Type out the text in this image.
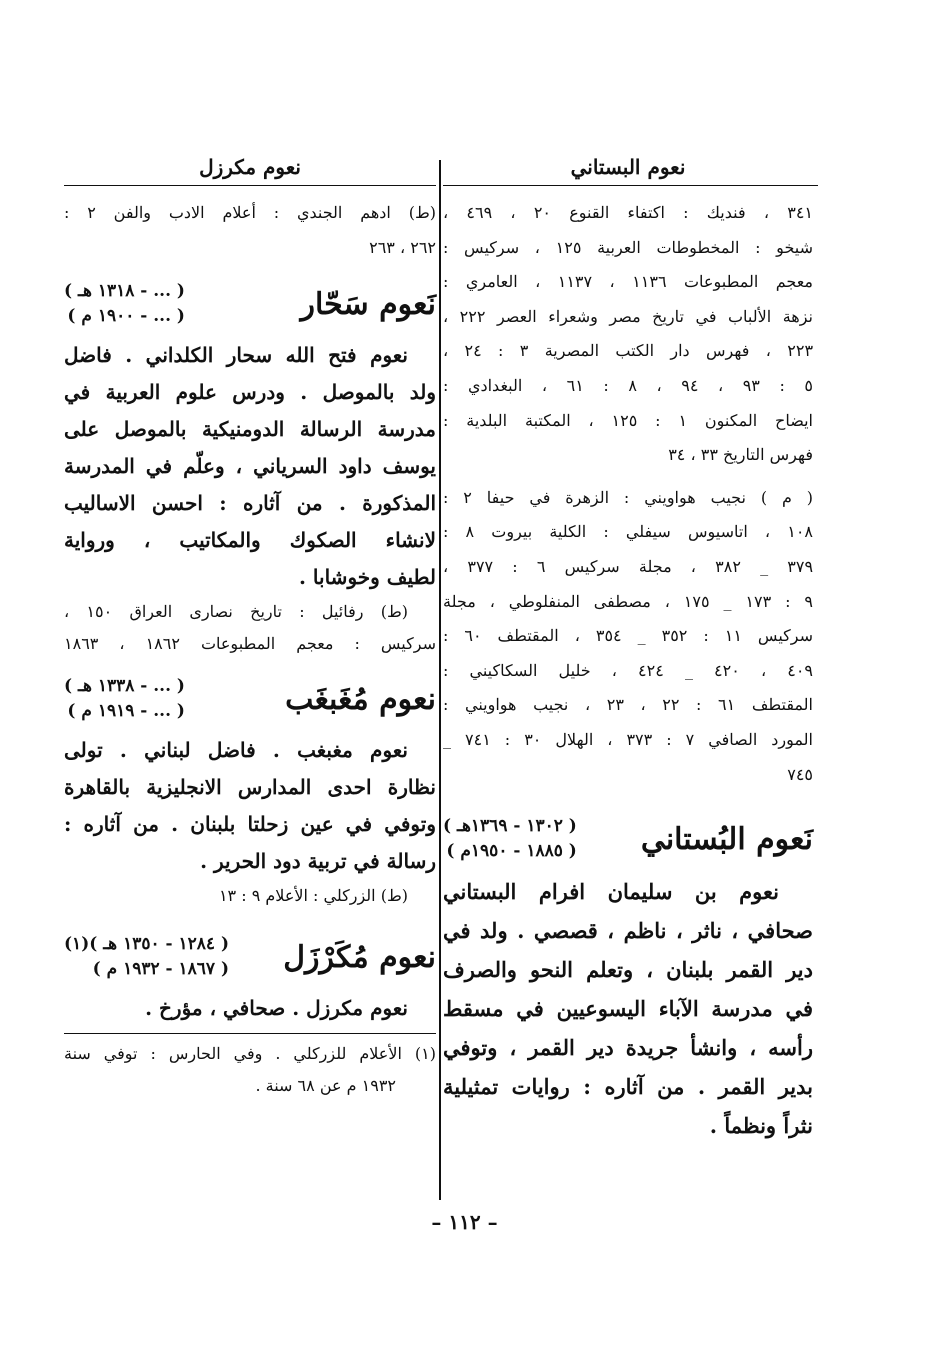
نعوم البستاني
٣٤١ ، فنديك : اكتفاء القنوع ٢٠ ، ٤٦٩ ،
شيخو : المخطوطات العربية ١٢٥ ، سركيس :
معجم المطبوعات ١١٣٦ ، ١١٣٧ ، العامري :
نزهة الألباب في تاريخ مصر وشعراء العصر ٢٢٢ ،
٢٢٣ ، فهرس دار الكتب المصرية ٣ : ٢٤ ،
٥ : ٩٣ ، ٩٤ ، ٨ : ٦١ ، البغدادي :
ايضاح المكنون ١ : ١٢٥ ، المكتبة البلدية :
فهرس التاريخ ٣٣ ، ٣٤
( م ) نجيب هواويني : الزهرة في حيفا ٢ :
١٠٨ ، اتاسيوس سيفلي : الكلية بيروت ٨ :
٣٧٩ _ ٣٨٢ ، مجلة سركيس ٦ : ٣٧٧ ،
٩ : ١٧٣ _ ١٧٥ ، مصطفى المنفلوطي ، مجلة
سركيس ١١ : ٣٥٢ _ ٣٥٤ ، المقتطف ٦٠ :
٤٠٩ ، ٤٢٠ _ ٤٢٤ ، خليل السكاكيني :
المقتطف ٦١ : ٢٢ ، ٢٣ ، نجيب هواويني :
المورد الصافي ٧ : ٣٧٣ ، الهلال ٣٠ : ٧٤١ _
٧٤٥
نَعوم البُستاني
( ١٣٠٢ - ١٣٦٩هـ )
( ١٨٨٥ - ١٩٥٠م )
نعوم بن سليمان افرام البستاني
صحافي ، ناثر ، ناظم ، قصصي . ولد في
دير القمر بلبنان ، وتعلم النحو والصرف
في مدرسة الآباء اليسوعيين في مسقط
رأسه ، وانشأ جريدة دير القمر ، وتوفي
بدير القمر . من آثاره : روايات تمثيلية
نثراً ونظماً .
نعوم مكرزل
(ط) ادهم الجندي : أعلام الادب والفن ٢ :
٢٦٢ ، ٢٦٣
نَعوم سَحّار
( ... - ١٣١٨ هـ )
( ... - ١٩٠٠ م )
نعوم فتح الله سحار الكلداني . فاضل
ولد بالموصل . ودرس علوم العربية في
مدرسة الرسالة الدومنيكية بالموصل على
يوسف داود السرياني ، وعلّم في المدرسة
المذكورة . من آثاره : احسن الاساليب
لانشاء الصكوك والمكاتيب ، ورواية
لطيف وخوشابا .
(ط) رفائيل : تاريخ نصارى العراق ١٥٠ ،
سركيس : معجم المطبوعات ١٨٦٢ ، ١٨٦٣
نعوم مُغَبغَب
( ... - ١٣٣٨ هـ )
( ... - ١٩١٩ م )
نعوم مغبغب . فاضل لبناني . تولى
نظارة احدى المدارس الانجليزية بالقاهرة
وتوفي في عين زحلتا بلبنان . من آثاره :
رسالة في تربية دود الحرير .
(ط) الزركلي : الأعلام ٩ : ١٣
نعوم مُكَرْزَل
( ١٢٨٤ - ١٣٥٠ هـ )(١)
( ١٨٦٧ - ١٩٣٢ م )
نعوم مكرزل . صحافي ، مؤرخ .
(١) الأعلام للزركلي . وفي الحارس : توفي سنة
١٩٣٢ م عن ٦٨ سنة .
– ١١٢ –
